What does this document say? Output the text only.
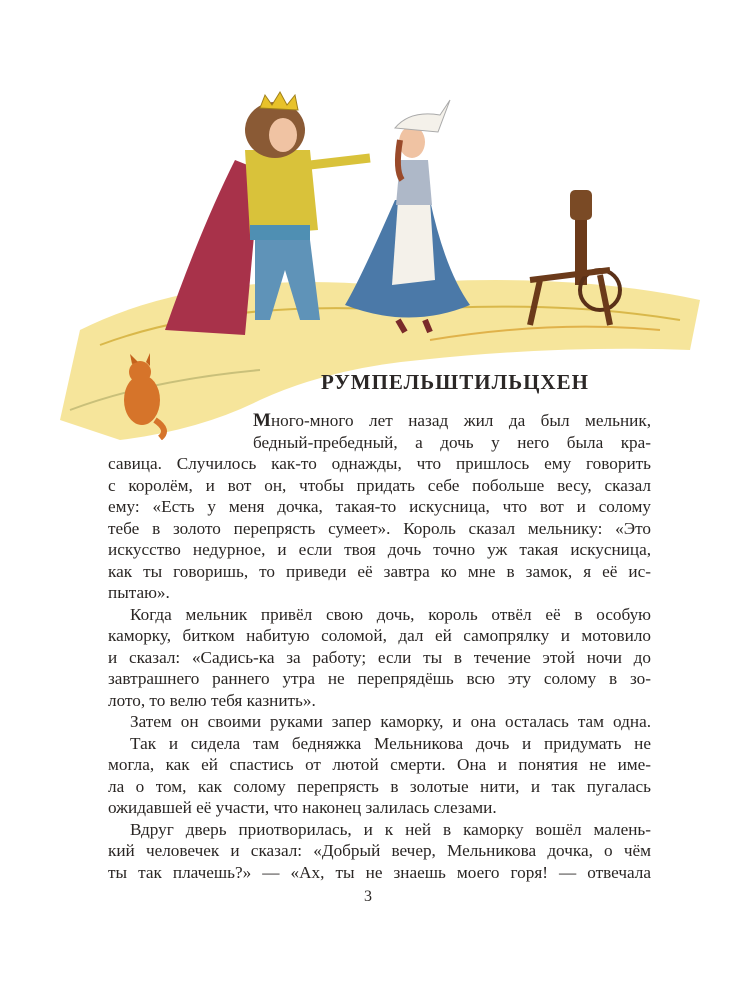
РУМПЕЛЬШТИЛЬЦХЕН
Много-много лет назад жил да был мельник,
бедный-пребедный, а дочь у него была кра-
савица. Случилось как-то однажды, что пришлось ему говорить
с королём, и вот он, чтобы придать себе побольше весу, сказал
ему: «Есть у меня дочка, такая-то искусница, что вот и солому
тебе в золото перепрясть сумеет». Король сказал мельнику: «Это
искусство недурное, и если твоя дочь точно уж такая искусница,
как ты говоришь, то приведи её завтра ко мне в замок, я её ис-
пытаю».
Когда мельник привёл свою дочь, король отвёл её в особую
каморку, битком набитую соломой, дал ей самопрялку и мотовило
и сказал: «Садись-ка за работу; если ты в течение этой ночи до
завтрашнего раннего утра не перепрядёшь всю эту солому в зо-
лото, то велю тебя казнить».
Затем он своими руками запер каморку, и она осталась там одна.
Так и сидела там бедняжка Мельникова дочь и придумать не
могла, как ей спастись от лютой смерти. Она и понятия не име-
ла о том, как солому перепрясть в золотые нити, и так пугалась
ожидавшей её участи, что наконец залилась слезами.
Вдруг дверь приотворилась, и к ней в каморку вошёл малень-
кий человечек и сказал: «Добрый вечер, Мельникова дочка, о чём
ты так плачешь?» — «Ах, ты не знаешь моего горя! — отвечала
3
